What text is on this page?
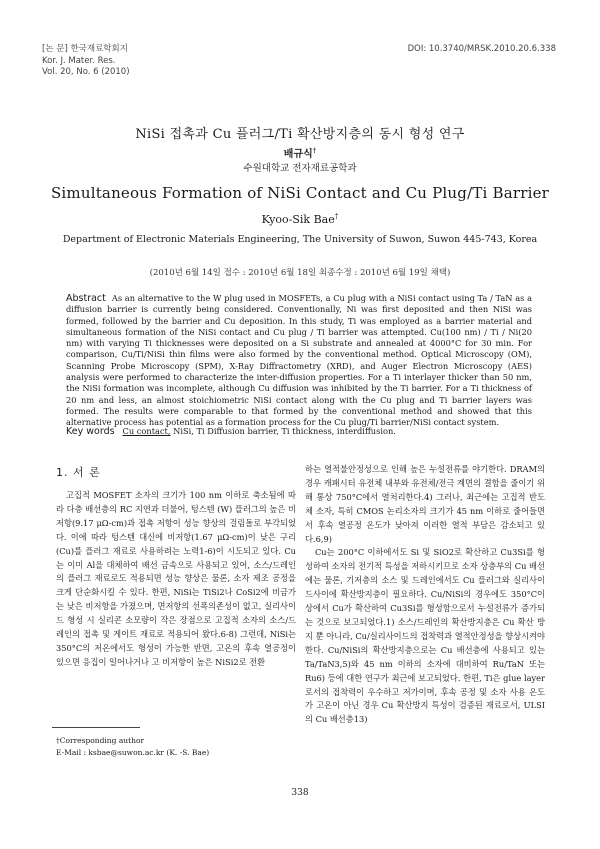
[논 문] 한국재료학회지
Kor. J. Mater. Res.
Vol. 20, No. 6 (2010)
DOI: 10.3740/MRSK.2010.20.6.338
NiSi 접촉과 Cu 플러그/Ti 확산방지층의 동시 형성 연구
배규식†
수원대학교 전자재료공학과
Simultaneous Formation of NiSi Contact and Cu Plug/Ti Barrier
Kyoo-Sik Bae†
Department of Electronic Materials Engineering, The University of Suwon, Suwon 445-743, Korea
(2010년 6월 14일 접수 : 2010년 6월 18일 최종수정 : 2010년 6월 19일 채택)
Abstract As an alternative to the W plug used in MOSFETs, a Cu plug with a NiSi contact using Ta / TaN as a diffusion barrier is currently being considered. Conventionally, Ni was first deposited and then NiSi was formed, followed by the barrier and Cu deposition. In this study, Ti was employed as a barrier material and simultaneous formation of the NiSi contact and Cu plug / Ti barrier was attempted. Cu(100 nm) / Ti / Ni(20 nm) with varying Ti thicknesses were deposited on a Si substrate and annealed at 4000°C for 30 min. For comparison, Cu/Ti/NiSi thin films were also formed by the conventional method. Optical Microscopy (OM), Scanning Probe Microscopy (SPM), X-Ray Diffractometry (XRD), and Auger Electron Microscopy (AES) analysis were performed to characterize the inter-diffusion properties. For a Ti interlayer thicker than 50 nm, the NiSi formation was incomplete, although Cu diffusion was inhibited by the Ti barrier. For a Ti thickness of 20 nm and less, an almost stoichiometric NiSi contact along with the Cu plug and Ti barrier layers was formed. The results were comparable to that formed by the conventional method and showed that this alternative process has potential as a formation process for the Cu plug/Ti barrier/NiSi contact system.
Key words Cu contact, NiSi, Ti Diffusion barrier, Ti thickness, interdiffusion.
1. 서 론

고집적 MOSFET 소자의 크기가 100 nm 이하로 축소됨에 따라 다층 배선층의 RC 지연과 더불어, 텅스텐 (W) 플러그의 높은 비저항(9.17 μΩ-cm)과 접촉 저항이 성능 향상의 걸림돌로 부각되었다. 이에 따라 텅스텐 대신에 비저항(1.67 μΩ-cm)이 낮은 구리 (Cu)를 플러그 재료로 사용하려는 노력1-6)이 시도되고 있다. Cu는 이미 Al을 대체하여 배선 금속으로 사용되고 있어, 소스/드레인의 플러그 재료로도 적용되면 성능 향상은 물론, 소자 제조 공정을 크게 단순화시킬 수 있다. 한편, NiSi는 TiSi2나 CoSi2에 비금가는 낮은 비저항을 가졌으며, 면저항의 선폭의존성이 없고, 실리사이드 형성 시 실리콘 소모량이 작은 장점으로 고집적 소자의 소스/드레인의 접촉 및 게이트 재료로 적용되어 왔다.6-8) 그런데, NiSi는 350°C의 저온에서도 형성이 가능한 반면, 고온의 후속 열공정이 있으면 응집이 일어나거나 고 비저항이 높은 NiSi2로 전환

하는 열적불안정성으로 인해 높은 누설전류를 야기한다. DRAM의 경우 캐패시터 유전체 내부와 유전체/전극 계면의 결함을 줄이기 위해 통상 750°C에서 열처리한다.4) 그러나, 최근에는 고집적 반도체 소자, 특히 CMOS 논리소자의 크기가 45 nm 이하로 줄어들면서 후속 열공정 온도가 낮아져 이러한 열적 부담은 감소되고 있다.6,9)

Cu는 200°C 이하에서도 Si 및 SiO2로 확산하고 Cu3Si를 형성하여 소자의 전기적 특성을 저하시키므로 소자 상층부의 Cu 배선에는 물론, 기저층의 소스 및 드레인에서도 Cu 플러그와 실리사이드사이에 확산방지층이 필요하다. Cu/NiSi의 경우에도 350°C이상에서 Cu가 확산하여 Cu3Si를 형성함으로서 누설전류가 증가되는 것으로 보고되었다.1) 소스/드레인의 확산방지층은 Cu 확산 방지 뿐 아니라, Cu/실리사이드의 접착력과 열적안정성을 향상시켜야 한다. Cu/NiSi의 확산방지층으로는 Cu 배선층에 사용되고 있는 Ta/TaN3,5)와 45 nm 이하의 소자에 대비하여 Ru/TaN 또는 Ru6) 등에 대한 연구가 최근에 보고되었다. 한편, Ti은 glue layer로서의 접착력이 우수하고 저가이며, 후속 공정 및 소자 사용 온도가 고온이 아닌 경우 Cu 확산방지 특성이 검증된 재료로서, ULSI의 Cu 배선층13)

†Corresponding author
E-Mail : ksbae@suwon.ac.kr (K. -S. Bae)
338
